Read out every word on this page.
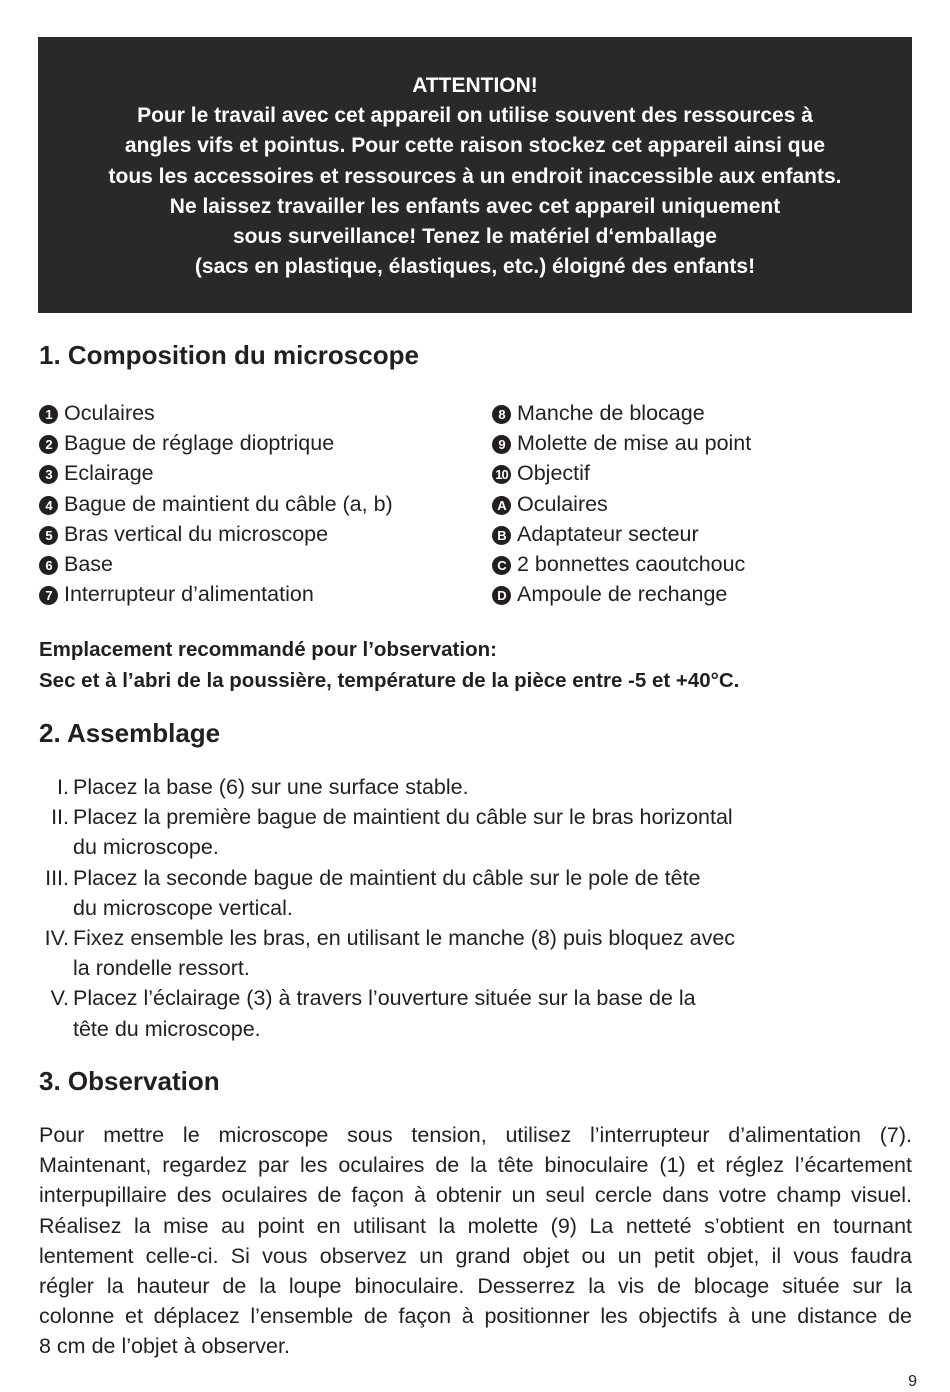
ATTENTION!
Pour le travail avec cet appareil on utilise souvent des ressources à
angles vifs et pointus. Pour cette raison stockez cet appareil ainsi que
tous les accessoires et ressources à un endroit inaccessible aux enfants.
Ne laissez travailler les enfants avec cet appareil uniquement
sous surveillance! Tenez le matériel d‘emballage
(sacs en plastique, élastiques, etc.) éloigné des enfants!
1. Composition du microscope
1 Oculaires
2 Bague de réglage dioptrique
3 Eclairage
4 Bague de maintient du câble (a, b)
5 Bras vertical du microscope
6 Base
7 Interrupteur d’alimentation
8 Manche de blocage
9 Molette de mise au point
10 Objectif
A Oculaires
B Adaptateur secteur
C 2 bonnettes caoutchouc
D Ampoule de rechange
Emplacement recommandé pour l’observation:
Sec et à l’abri de la poussière, température de la pièce entre -5 et +40°C.
2. Assemblage
I. Placez la base (6) sur une surface stable.
II. Placez la première bague de maintient du câble sur le bras horizontal
du microscope.
III. Placez la seconde bague de maintient du câble sur le pole de tête
du microscope vertical.
IV. Fixez ensemble les bras, en utilisant le manche (8) puis bloquez avec
la rondelle ressort.
V. Placez l’éclairage (3) à travers l’ouverture située sur la base de la
tête du microscope.
3. Observation
Pour mettre le microscope sous tension, utilisez l’interrupteur d’alimentation (7).
Maintenant, regardez par les oculaires de la tête binoculaire (1) et réglez l’écartement
interpupillaire des oculaires de façon à obtenir un seul cercle dans votre champ visuel.
Réalisez la mise au point en utilisant la molette (9) La netteté s’obtient en tournant
lentement celle-ci. Si vous observez un grand objet ou un petit objet, il vous faudra
régler la hauteur de la loupe binoculaire. Desserrez la vis de blocage située sur la
colonne et déplacez l’ensemble de façon à positionner les objectifs à une distance de
8 cm de l’objet à observer.
9
